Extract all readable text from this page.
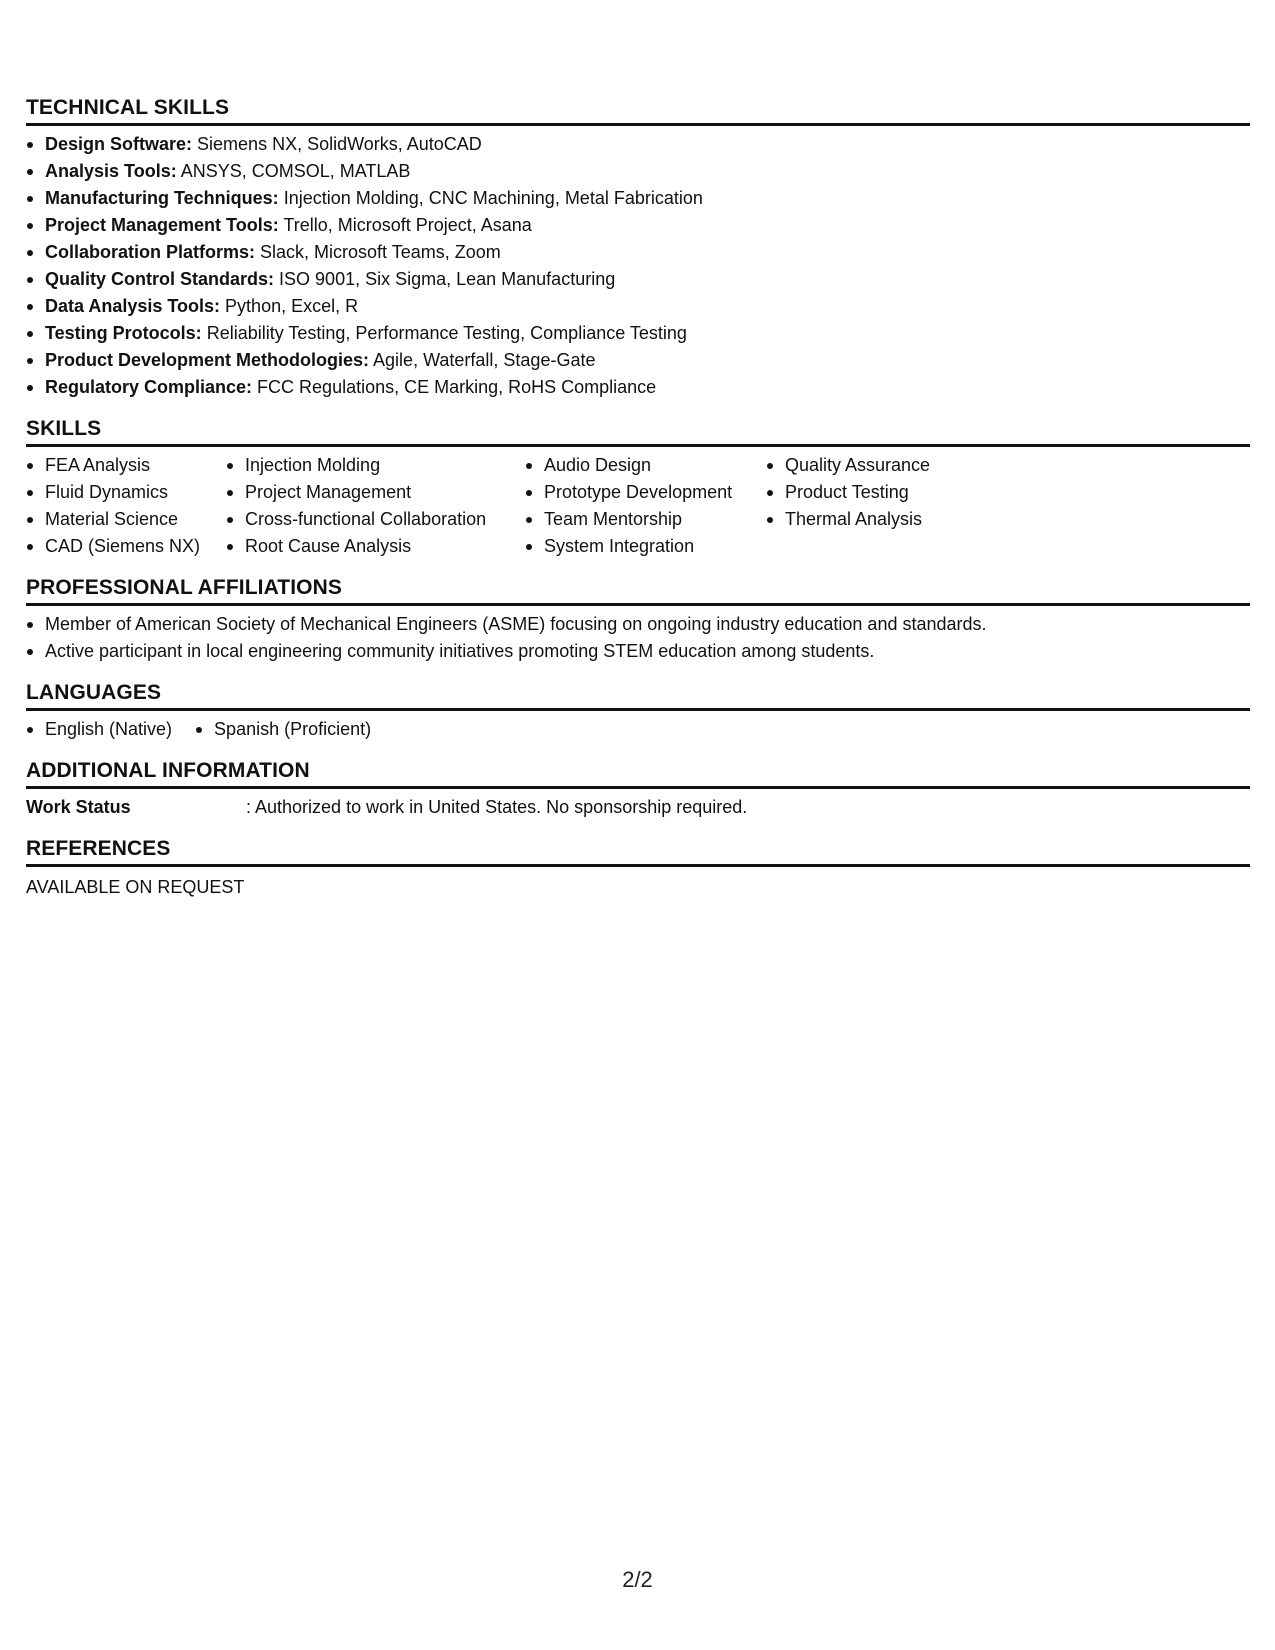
TECHNICAL SKILLS
Design Software: Siemens NX, SolidWorks, AutoCAD
Analysis Tools: ANSYS, COMSOL, MATLAB
Manufacturing Techniques: Injection Molding, CNC Machining, Metal Fabrication
Project Management Tools: Trello, Microsoft Project, Asana
Collaboration Platforms: Slack, Microsoft Teams, Zoom
Quality Control Standards: ISO 9001, Six Sigma, Lean Manufacturing
Data Analysis Tools: Python, Excel, R
Testing Protocols: Reliability Testing, Performance Testing, Compliance Testing
Product Development Methodologies: Agile, Waterfall, Stage-Gate
Regulatory Compliance: FCC Regulations, CE Marking, RoHS Compliance
SKILLS
FEA Analysis
Fluid Dynamics
Material Science
CAD (Siemens NX)
Injection Molding
Project Management
Cross-functional Collaboration
Root Cause Analysis
Audio Design
Prototype Development
Team Mentorship
System Integration
Quality Assurance
Product Testing
Thermal Analysis
PROFESSIONAL AFFILIATIONS
Member of American Society of Mechanical Engineers (ASME) focusing on ongoing industry education and standards.
Active participant in local engineering community initiatives promoting STEM education among students.
LANGUAGES
English (Native)	Spanish (Proficient)
ADDITIONAL INFORMATION
Work Status	: Authorized to work in United States. No sponsorship required.
REFERENCES
AVAILABLE ON REQUEST
2/2
